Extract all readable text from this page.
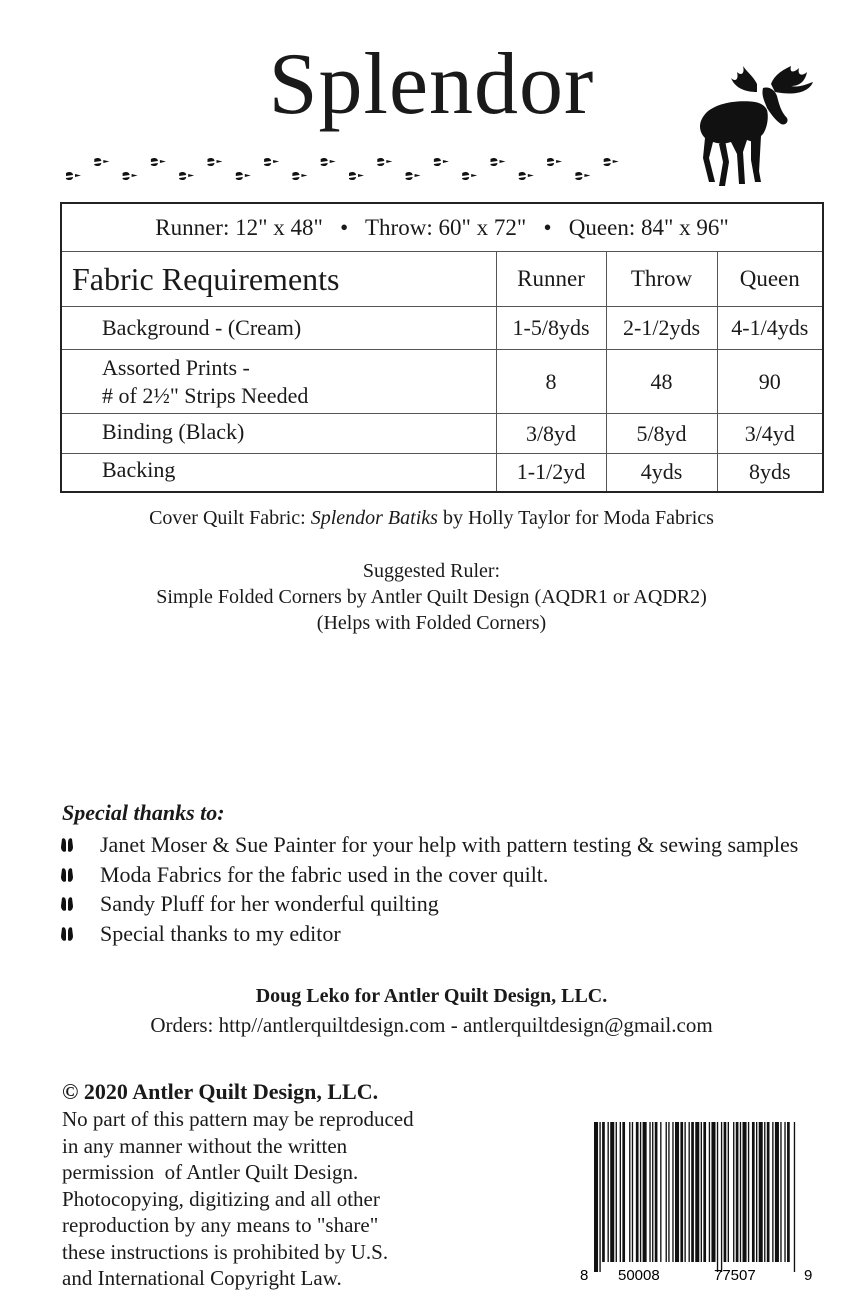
Splendor
Runner: 12" x 48"   •   Throw: 60" x 72"   •   Queen: 84" x 96"			
Fabric Requirements	Runner	Throw	Queen
Background - (Cream)	1-5/8yds	2-1/2yds	4-1/4yds

Assorted Prints -
# of 2½" Strips Needed	8	48	90
Binding (Black)	3/8yd	5/8yd	3/4yd
Backing	1-1/2yd	4yds	8yds
Cover Quilt Fabric: Splendor Batiks by Holly Taylor for Moda Fabrics
Suggested Ruler:
Simple Folded Corners by Antler Quilt Design (AQDR1 or AQDR2)
(Helps with Folded Corners)
Special thanks to:
Janet Moser & Sue Painter for your help with pattern testing & sewing samples
Moda Fabrics for the fabric used in the cover quilt.
Sandy Pluff for her wonderful quilting
Special thanks to my editor
Doug Leko for Antler Quilt Design, LLC.
Orders: http//antlerquiltdesign.com - antlerquiltdesign@gmail.com
© 2020 Antler Quilt Design, LLC.
No part of this pattern may be reproduced
in any manner without the written
permission  of Antler Quilt Design.
Photocopying, digitizing and all other
reproduction by any means to "share"
these instructions is prohibited by U.S.
and International Copyright Law.	8 50008	77507	9
